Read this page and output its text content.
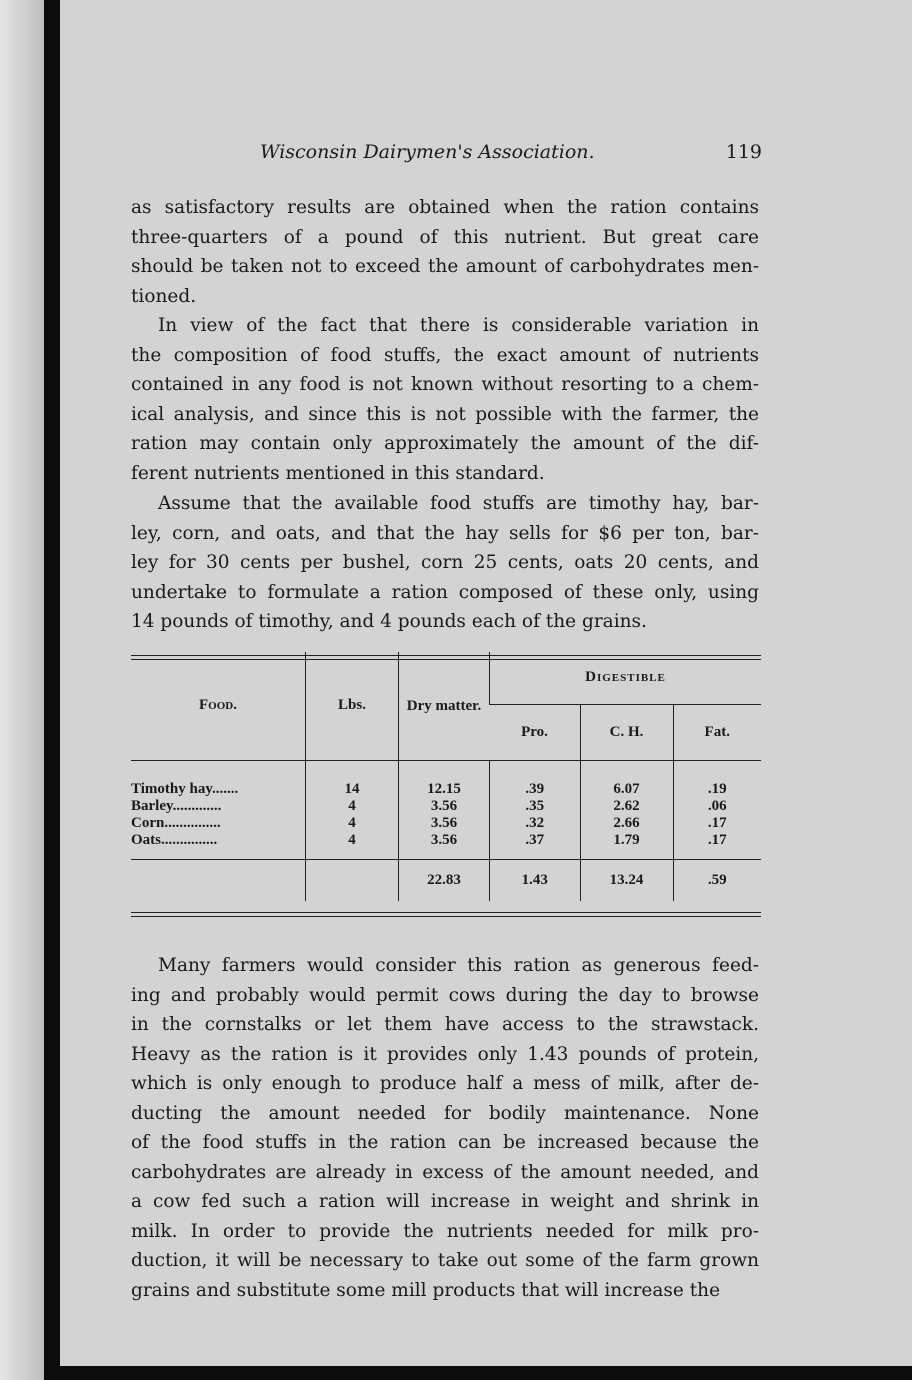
Wisconsin Dairymen's Association.	119
as satisfactory results are obtained when the ration contains
three-quarters of a pound of this nutrient. But great care
should be taken not to exceed the amount of carbohydrates men-
tioned.
In view of the fact that there is considerable variation in
the composition of food stuffs, the exact amount of nutrients
contained in any food is not known without resorting to a chem-
ical analysis, and since this is not possible with the farmer, the
ration may contain only approximately the amount of the dif-
ferent nutrients mentioned in this standard.
Assume that the available food stuffs are timothy hay, bar-
ley, corn, and oats, and that the hay sells for $6 per ton, bar-
ley for 30 cents per bushel, corn 25 cents, oats 20 cents, and
undertake to formulate a ration composed of these only, using
14 pounds of timothy, and 4 pounds each of the grains.
Food.	Lbs.	Dry matter.	Digestible		
			Pro.	C. H.	Fat.
Timothy hay.......	14	12.15	.39	6.07	.19
Barley.............	4	3.56	.35	2.62	.06
Corn...............	4	3.56	.32	2.66	.17
Oats...............	4	3.56	.37	1.79	.17
		22.83	1.43	13.24	.59
Many farmers would consider this ration as generous feed-
ing and probably would permit cows during the day to browse
in the cornstalks or let them have access to the strawstack.
Heavy as the ration is it provides only 1.43 pounds of protein,
which is only enough to produce half a mess of milk, after de-
ducting the amount needed for bodily maintenance. None
of the food stuffs in the ration can be increased because the
carbohydrates are already in excess of the amount needed, and
a cow fed such a ration will increase in weight and shrink in
milk. In order to provide the nutrients needed for milk pro-
duction, it will be necessary to take out some of the farm grown
grains and substitute some mill products that will increase the
